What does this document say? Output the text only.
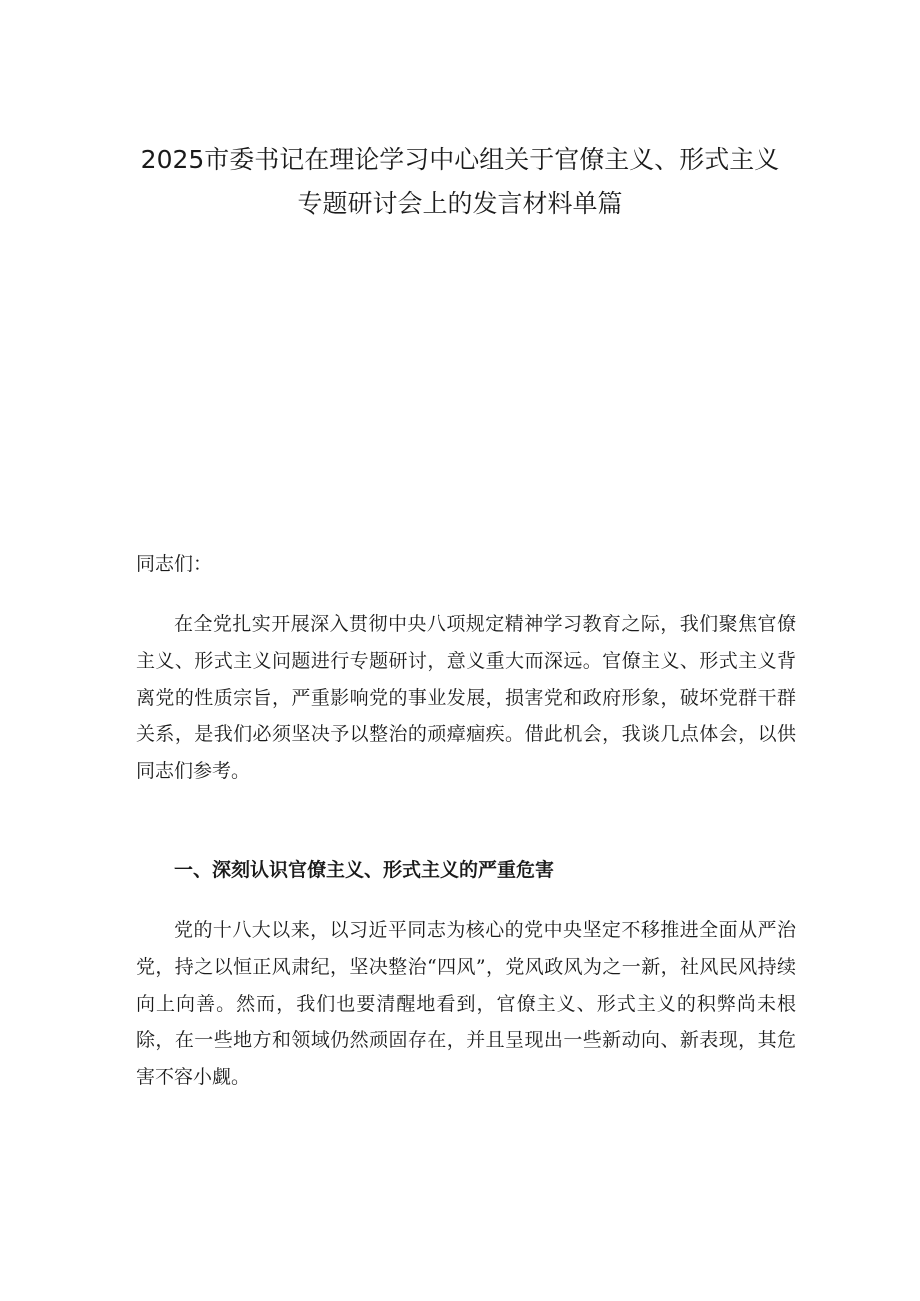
2025市委书记在理论学习中心组关于官僚主义、形式主义
专题研讨会上的发言材料单篇
同志们：

在全党扎实开展深入贯彻中央八项规定精神学习教育之际，我们聚焦官僚主义、形式主义问题进行专题研讨，意义重大而深远。官僚主义、形式主义背离党的性质宗旨，严重影响党的事业发展，损害党和政府形象，破坏党群干群关系，是我们必须坚决予以整治的顽瘴痼疾。借此机会，我谈几点体会，以供同志们参考。

一、深刻认识官僚主义、形式主义的严重危害

党的十八大以来，以习近平同志为核心的党中央坚定不移推进全面从严治党，持之以恒正风肃纪，坚决整治“四风”，党风政风为之一新，社风民风持续向上向善。然而，我们也要清醒地看到，官僚主义、形式主义的积弊尚未根除，在一些地方和领域仍然顽固存在，并且呈现出一些新动向、新表现，其危害不容小觑。
